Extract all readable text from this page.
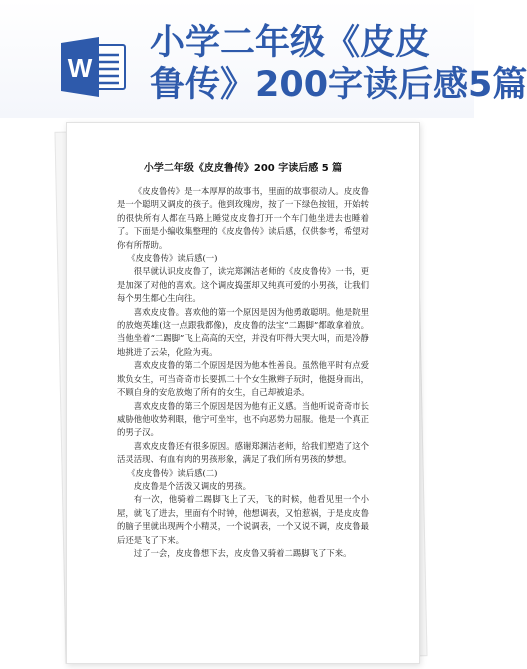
W
小学二年级《皮皮
鲁传》200字读后感5篇
小学二年级《皮皮鲁传》200 字读后感 5 篇

《皮皮鲁传》是一本厚厚的故事书，里面的故事很动人。皮皮鲁是一个聪明又调皮的孩子。他到玫瑰房，按了一下绿色按钮，开始转的很快所有人都在马路上睡觉皮皮鲁打开一个车门他坐进去也睡着了。下面是小编收集整理的《皮皮鲁传》读后感，仅供参考，希望对你有所帮助。

《皮皮鲁传》读后感(一)

很早就认识皮皮鲁了，读完郑渊洁老师的《皮皮鲁传》一书，更是加深了对他的喜欢。这个调皮捣蛋却又纯真可爱的小男孩，让我们每个男生都心生向往。

喜欢皮皮鲁。喜欢他的第一个原因是因为他勇敢聪明。他是院里的放炮英雄(这一点跟我都像)，皮皮鲁的法宝“二踢脚”都敢拿着放。当他坐着“二踢脚”飞上高高的天空，并没有吓得大哭大叫，而是冷静地挑进了云朵，化险为夷。

喜欢皮皮鲁的第二个原因是因为他本性善良。虽然他平时有点爱欺负女生，可当奇奇市长要抓二十个女生揪辫子玩时，他挺身而出，不顾自身的安危放炮了所有的女生，自己却被追杀。

喜欢皮皮鲁的第三个原因是因为他有正义感。当他听说奇奇市长威胁他他收势利眼，他宁可坐牢，也不向恶势力屈服。他是一个真正的男子汉。

喜欢皮皮鲁还有很多原因。感谢郑渊洁老师，给我们塑造了这个活灵活现、有血有肉的男孩形象，满足了我们所有男孩的梦想。

《皮皮鲁传》读后感(二)

皮皮鲁是个活泼又调皮的男孩。

有一次，他骑着二踢脚飞上了天，飞的时候，他看见里一个小屋，就飞了进去，里面有个时钟，他想调表，又怕惹祸，于是皮皮鲁的脑子里就出现两个小精灵，一个说调表，一个又说不调，皮皮鲁最后还是飞了下来。

过了一会，皮皮鲁想下去，皮皮鲁又骑着二踢脚飞了下来。
